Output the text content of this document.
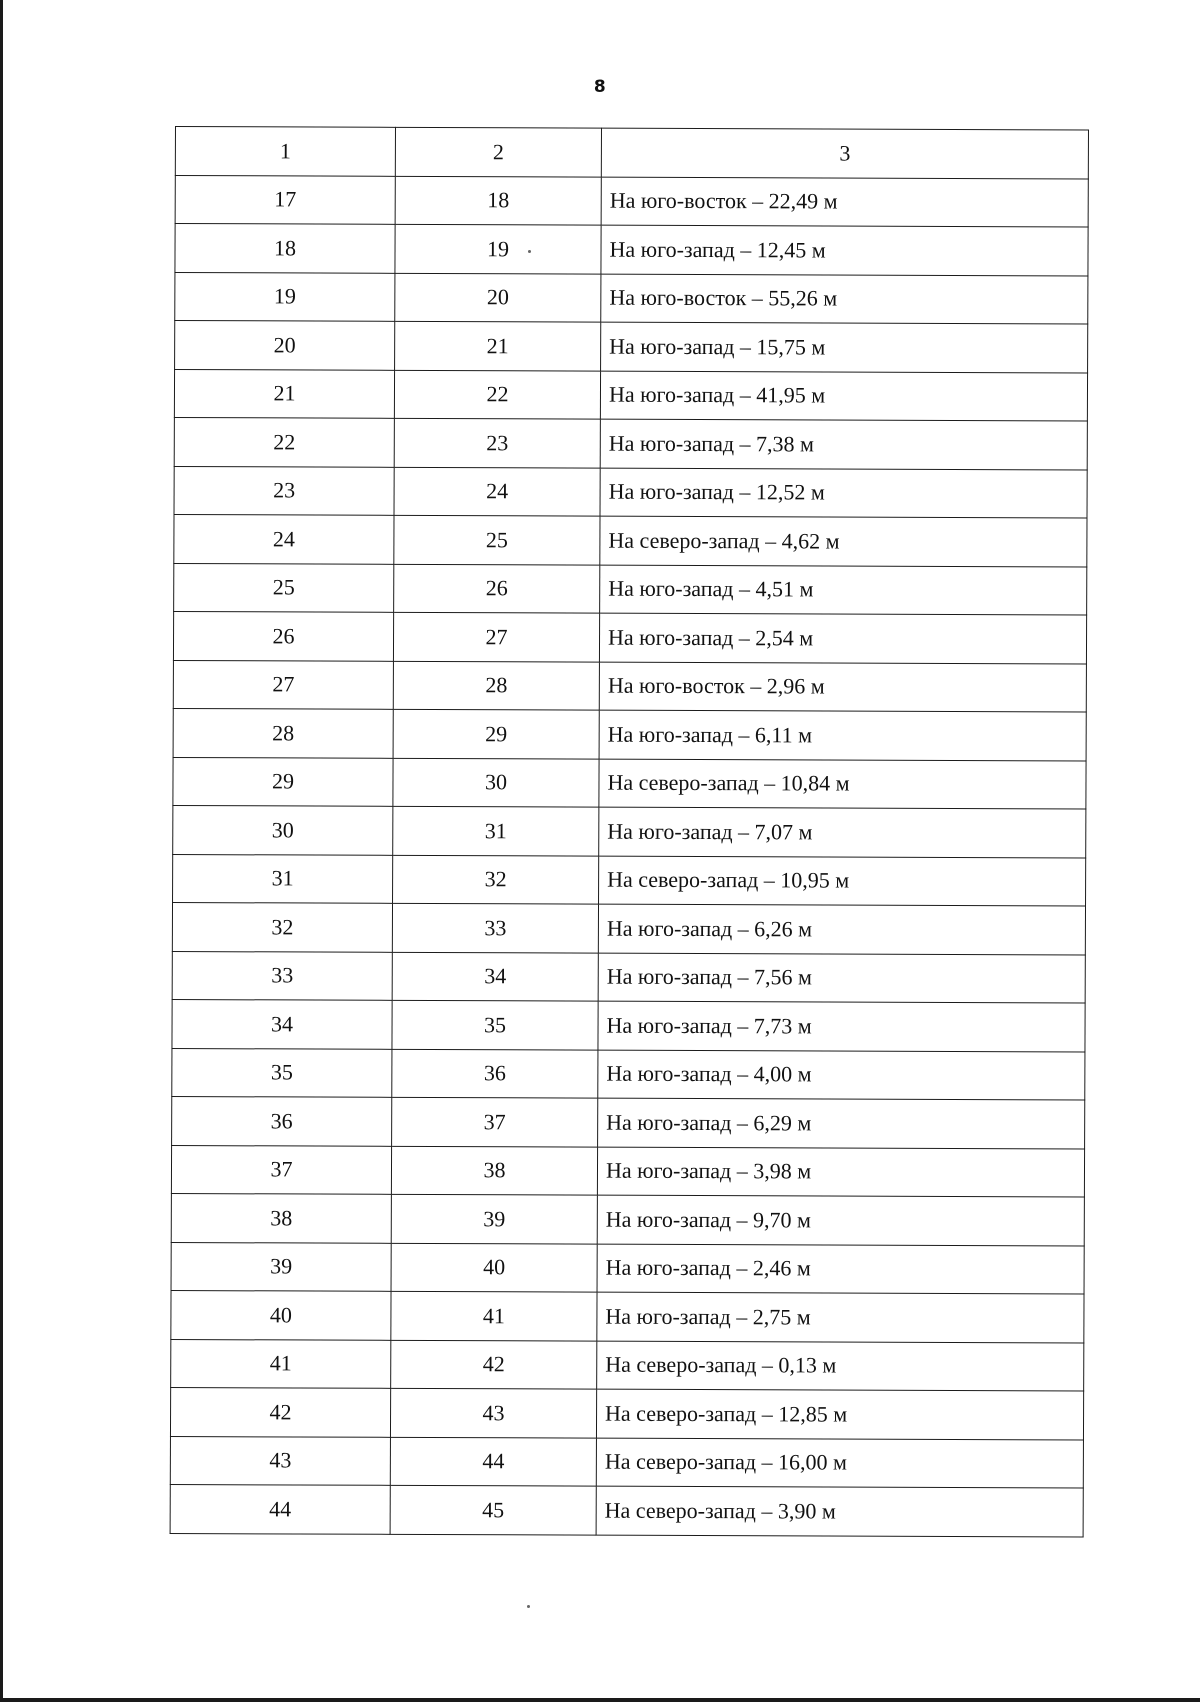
8
1	2	3
17	18	На юго-восток – 22,49 м
18	19	На юго-запад – 12,45 м
19	20	На юго-восток – 55,26 м
20	21	На юго-запад – 15,75 м
21	22	На юго-запад – 41,95 м
22	23	На юго-запад – 7,38 м
23	24	На юго-запад – 12,52 м
24	25	На северо-запад – 4,62 м
25	26	На юго-запад – 4,51 м
26	27	На юго-запад – 2,54 м
27	28	На юго-восток – 2,96 м
28	29	На юго-запад – 6,11 м
29	30	На северо-запад – 10,84 м
30	31	На юго-запад – 7,07 м
31	32	На северо-запад – 10,95 м
32	33	На юго-запад – 6,26 м
33	34	На юго-запад – 7,56 м
34	35	На юго-запад – 7,73 м
35	36	На юго-запад – 4,00 м
36	37	На юго-запад – 6,29 м
37	38	На юго-запад – 3,98 м
38	39	На юго-запад – 9,70 м
39	40	На юго-запад – 2,46 м
40	41	На юго-запад – 2,75 м
41	42	На северо-запад – 0,13 м
42	43	На северо-запад – 12,85 м
43	44	На северо-запад – 16,00 м
44	45	На северо-запад – 3,90 м
